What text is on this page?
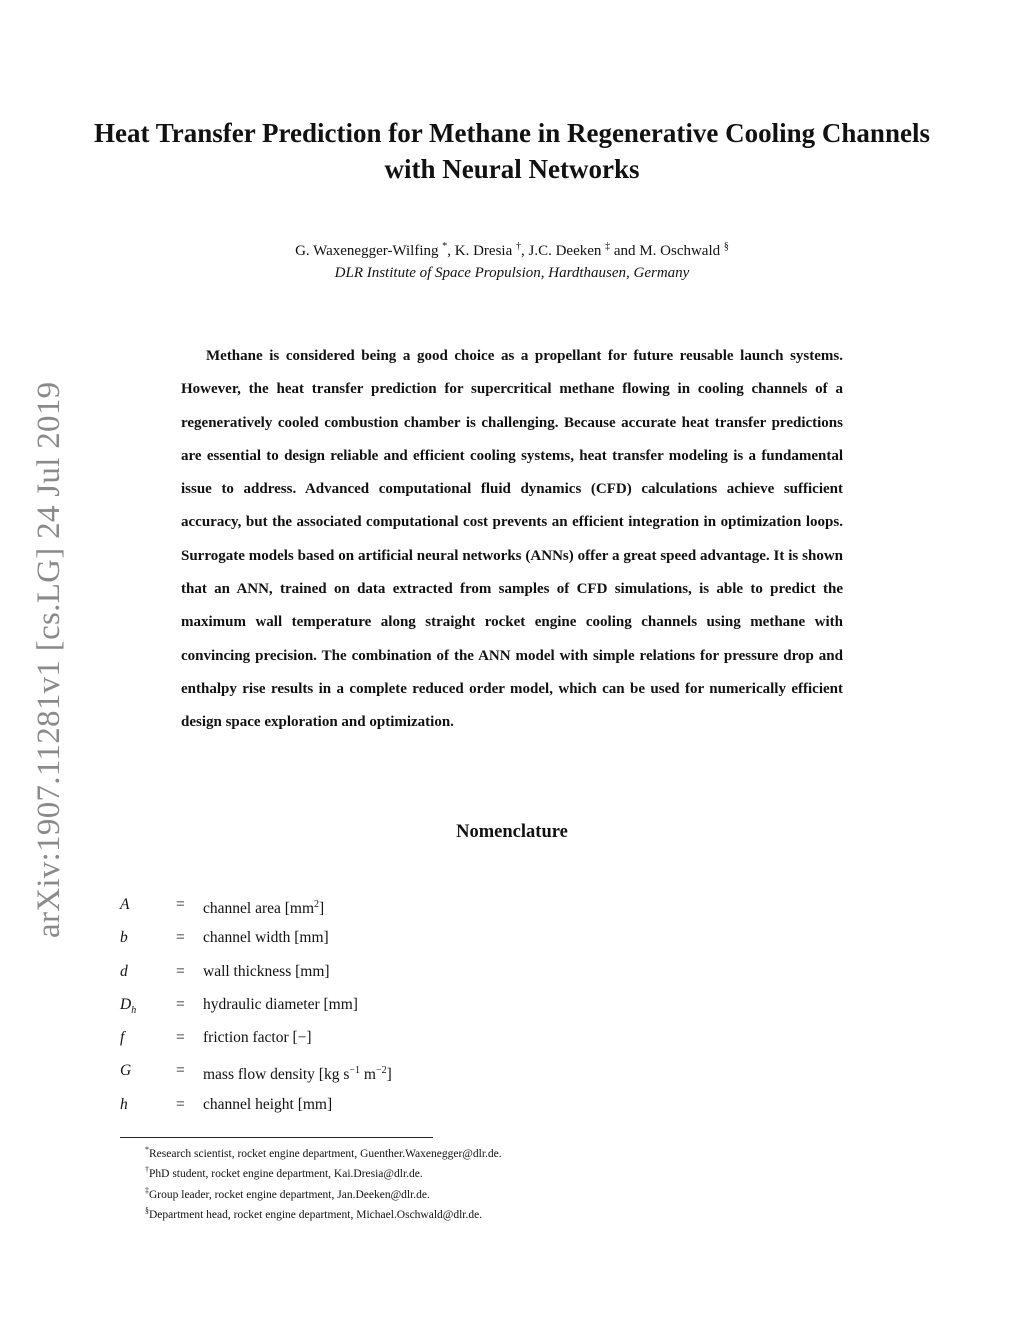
arXiv:1907.11281v1 [cs.LG] 24 Jul 2019
Heat Transfer Prediction for Methane in Regenerative Cooling Channels with Neural Networks
G. Waxenegger-Wilfing *, K. Dresia †, J.C. Deeken ‡ and M. Oschwald §
DLR Institute of Space Propulsion, Hardthausen, Germany

Methane is considered being a good choice as a propellant for future reusable launch systems. However, the heat transfer prediction for supercritical methane flowing in cooling channels of a regeneratively cooled combustion chamber is challenging. Because accurate heat transfer predictions are essential to design reliable and efficient cooling systems, heat transfer modeling is a fundamental issue to address. Advanced computational fluid dynamics (CFD) calculations achieve sufficient accuracy, but the associated computational cost prevents an efficient integration in optimization loops. Surrogate models based on artificial neural networks (ANNs) offer a great speed advantage. It is shown that an ANN, trained on data extracted from samples of CFD simulations, is able to predict the maximum wall temperature along straight rocket engine cooling channels using methane with convincing precision. The combination of the ANN model with simple relations for pressure drop and enthalpy rise results in a complete reduced order model, which can be used for numerically efficient design space exploration and optimization.

Nomenclature
A	= channel area $[mm^2]$
b	= channel width [mm]
d	= wall thickness [mm]
$D_h$	= hydraulic diameter [mm]
f	= friction factor [−]
G	= mass flow density [kg $s^{-1}$ $m^{-2}$]
h	= channel height [mm]
*Research scientist, rocket engine department, Guenther.Waxenegger@dlr.de.
†PhD student, rocket engine department, Kai.Dresia@dlr.de.
‡Group leader, rocket engine department, Jan.Deeken@dlr.de.
§Department head, rocket engine department, Michael.Oschwald@dlr.de.
